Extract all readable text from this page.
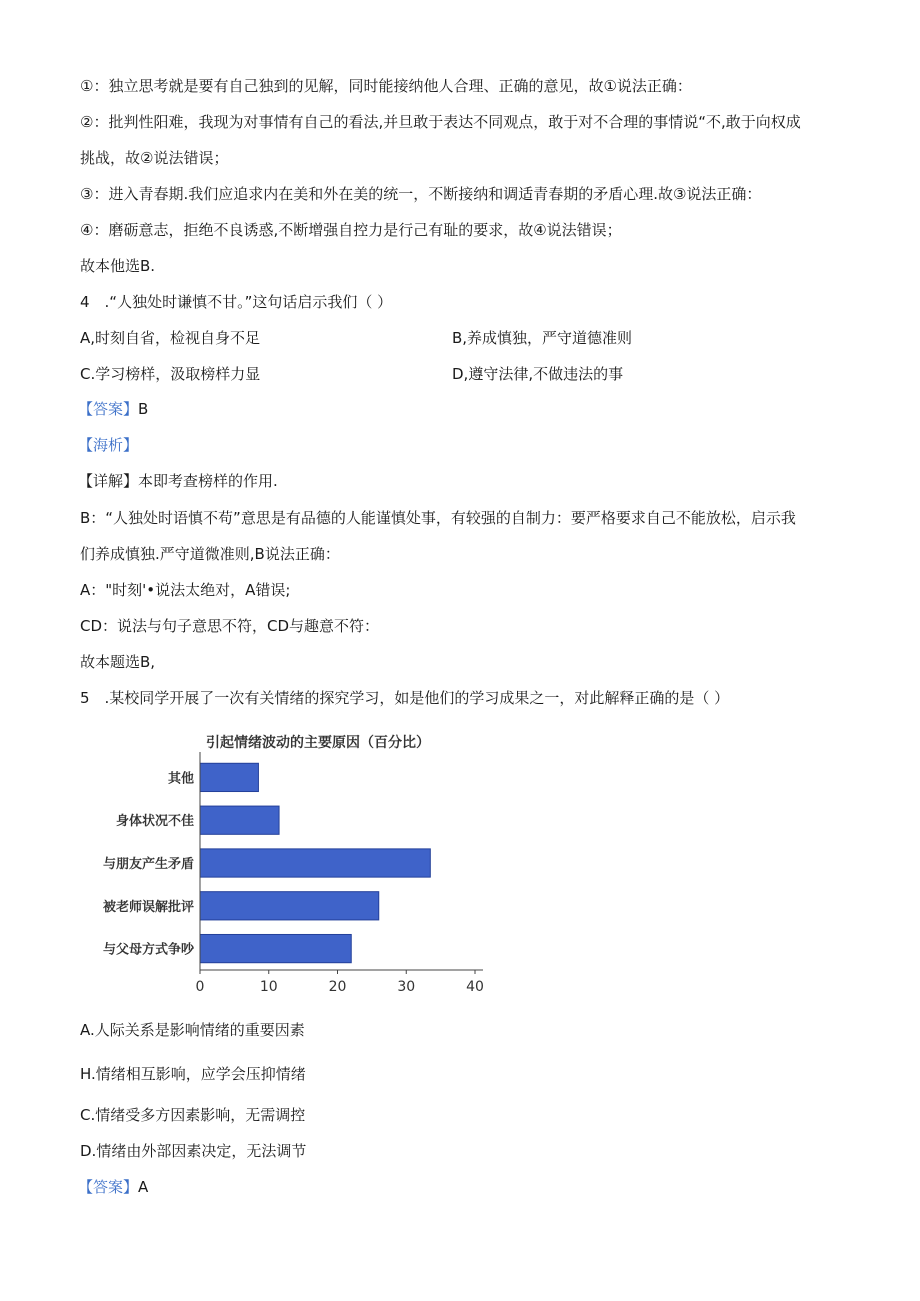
①：独立思考就是要有自己独到的见解，同时能接纳他人合理、正确的意见，故①说法正确：
②：批判性阳难，我现为对事情有自己的看法,并旦敢于表达不同观点，敢于对不合理的事情说“不,敢于向权成
挑战，故②说法错误；
③：进入青春期.我们应追求内在美和外在美的统一，不断接纳和调适青春期的矛盾心理.故③说法正确：
④：磨砺意志，拒绝不良诱惑,不断增强自控力是行己有耻的要求，故④说法错误；
故本他选B.
4　.“人独处时谦慎不甘。”这句话启示我们（ ）
A,时刻自省，检视自身不足	B,养成慎独，严守道德准则
C.学习榜样，汲取榜样力显	D,遵守法律,不做违法的事
【答案】B
【海析】
【详解】本即考查榜样的作用.
B：“人独处时语慎不苟”意思是有品德的人能谨慎处事，有较强的自制力：要严格要求自己不能放松，启示我
们养成慎独.严守道微准则,B说法正确：
A："时刻'•说法太绝对，A错误;
CD：说法与句子意思不符，CD与趣意不符：
故本题选B,
5　.某校同学开展了一次有关情绪的探究学习，如是他们的学习成果之一，对此解释正确的是（ ）
引起情绪波动的主要原因（百分比）
其他
身体状况不佳
与朋友产生矛盾
被老师误解批评
与父母方式争吵
0	10	20	30	40
A.人际关系是影响情绪的重要因素
H.情绪相互影响，应学会压抑情绪
C.情绪受多方因素影响，无需调控
D.情绪由外部因素决定，无法调节
【答案】A
